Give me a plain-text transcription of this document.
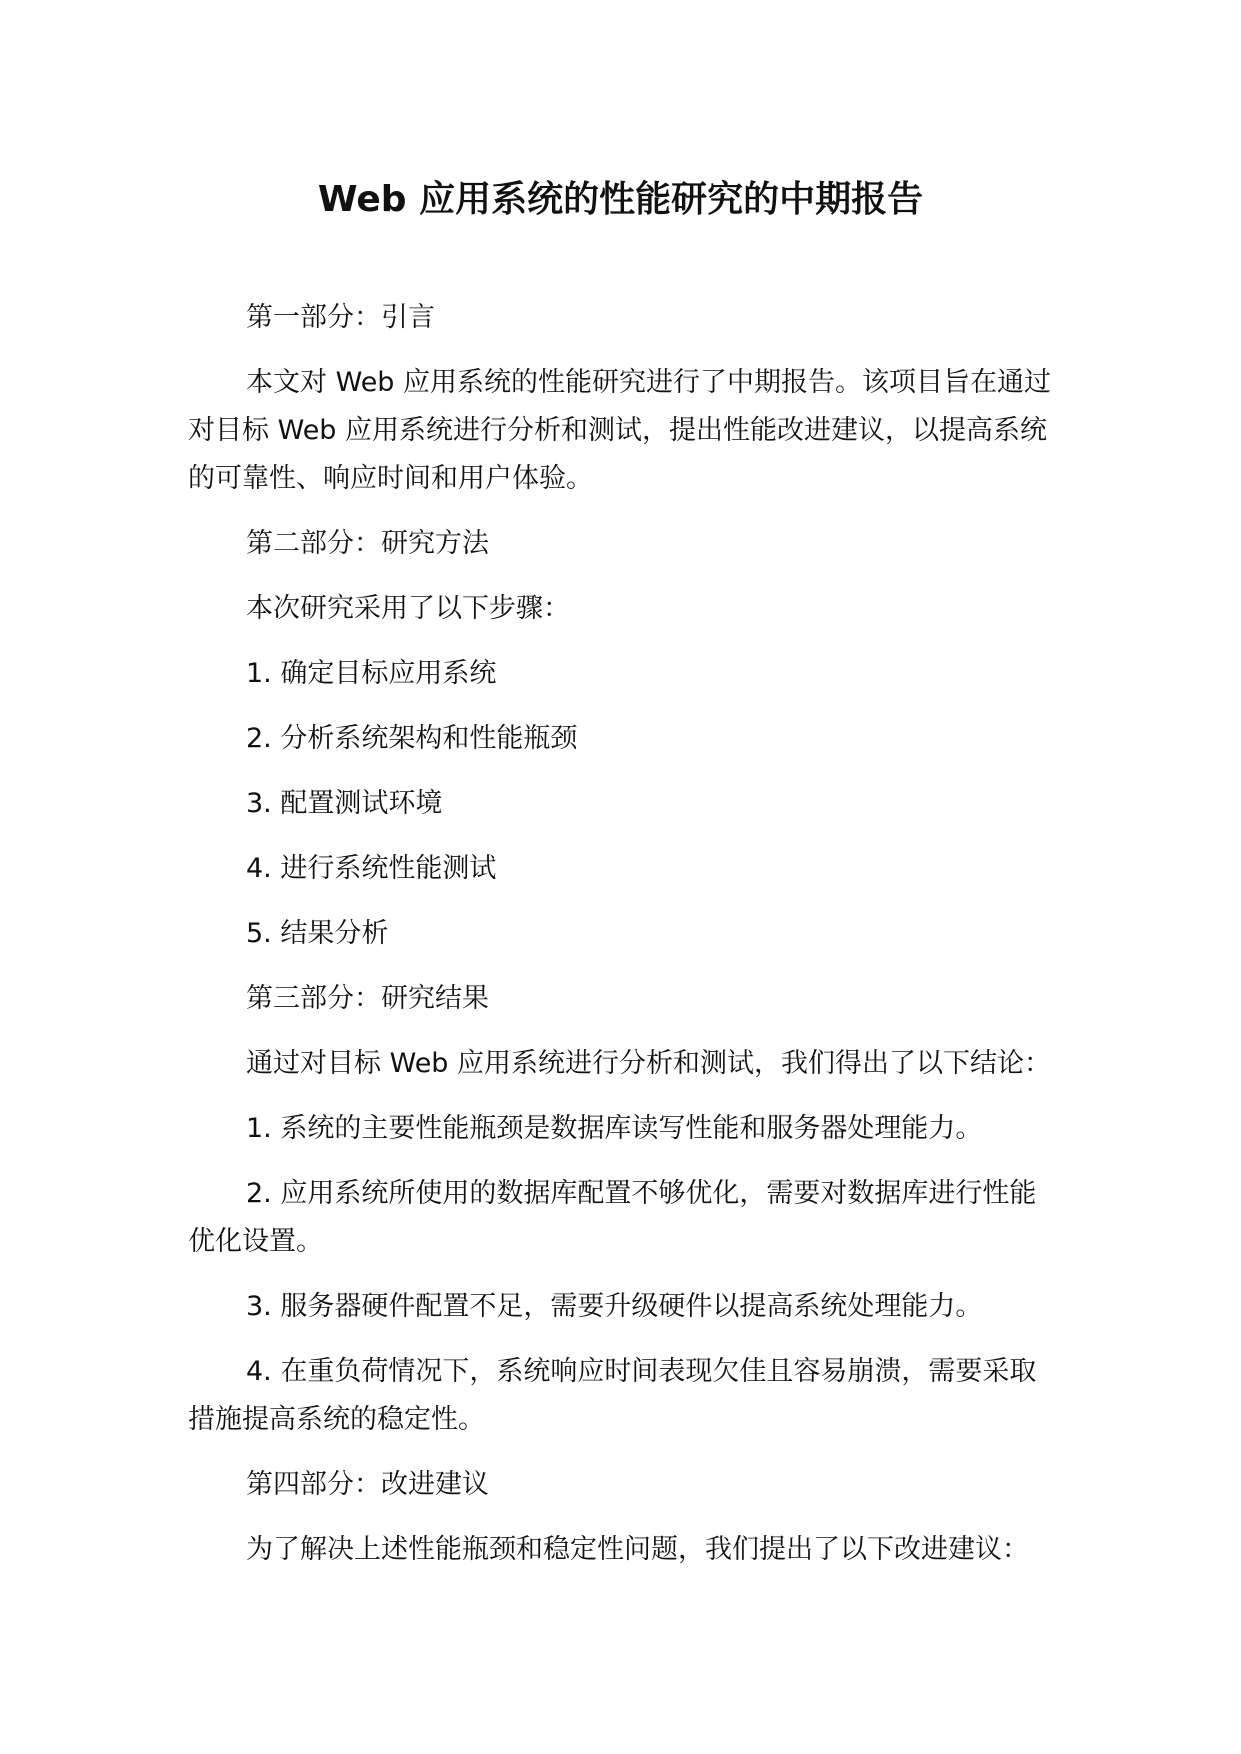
Web 应用系统的性能研究的中期报告

第一部分：引言

本文对 Web 应用系统的性能研究进行了中期报告。该项目旨在通过对目标 Web 应用系统进行分析和测试，提出性能改进建议，以提高系统的可靠性、响应时间和用户体验。

第二部分：研究方法

本次研究采用了以下步骤：

1. 确定目标应用系统

2. 分析系统架构和性能瓶颈

3. 配置测试环境

4. 进行系统性能测试

5. 结果分析

第三部分：研究结果

通过对目标 Web 应用系统进行分析和测试，我们得出了以下结论：

1. 系统的主要性能瓶颈是数据库读写性能和服务器处理能力。

2. 应用系统所使用的数据库配置不够优化，需要对数据库进行性能优化设置。

3. 服务器硬件配置不足，需要升级硬件以提高系统处理能力。

4. 在重负荷情况下，系统响应时间表现欠佳且容易崩溃，需要采取措施提高系统的稳定性。

第四部分：改进建议

为了解决上述性能瓶颈和稳定性问题，我们提出了以下改进建议：
